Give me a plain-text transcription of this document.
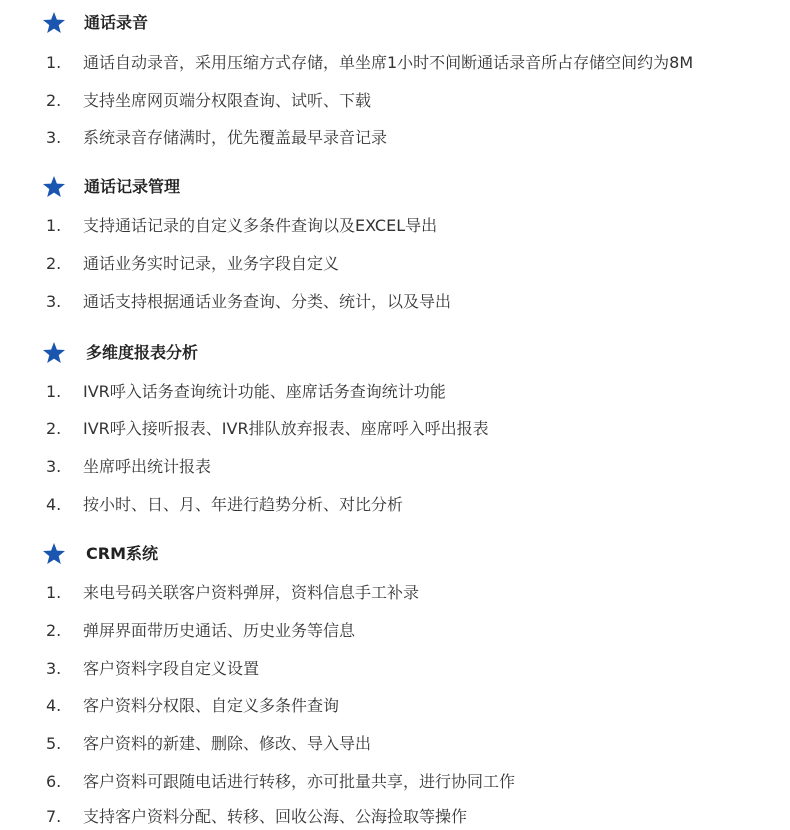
通话录音
1. 通话自动录音，采用压缩方式存储，单坐席1小时不间断通话录音所占存储空间约为8M
2. 支持坐席网页端分权限查询、试听、下载
3. 系统录音存储满时，优先覆盖最早录音记录
通话记录管理
1. 支持通话记录的自定义多条件查询以及EXCEL导出
2. 通话业务实时记录，业务字段自定义
3. 通话支持根据通话业务查询、分类、统计，以及导出
多维度报表分析
1. IVR呼入话务查询统计功能、座席话务查询统计功能
2. IVR呼入接听报表、IVR排队放弃报表、座席呼入呼出报表
3. 坐席呼出统计报表
4. 按小时、日、月、年进行趋势分析、对比分析
CRM系统
1. 来电号码关联客户资料弹屏，资料信息手工补录
2. 弹屏界面带历史通话、历史业务等信息
3. 客户资料字段自定义设置
4. 客户资料分权限、自定义多条件查询
5. 客户资料的新建、删除、修改、导入导出
6. 客户资料可跟随电话进行转移，亦可批量共享，进行协同工作
7. 支持客户资料分配、转移、回收公海、公海捡取等操作
